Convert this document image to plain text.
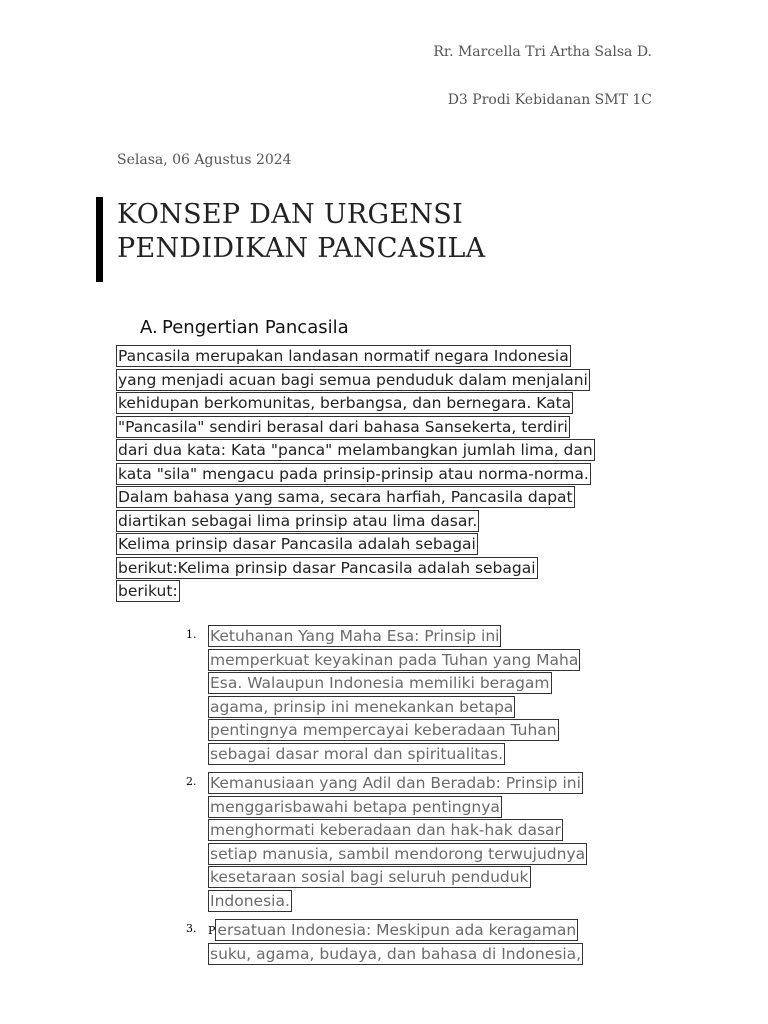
Rr. Marcella Tri Artha Salsa D.
D3 Prodi Kebidanan SMT 1C
Selasa, 06 Agustus 2024
KONSEP DAN URGENSI
PENDIDIKAN PANCASILA
A. Pengertian Pancasila
Pancasila merupakan landasan normatif negara Indonesia
yang menjadi acuan bagi semua penduduk dalam menjalani
kehidupan berkomunitas, berbangsa, dan bernegara. Kata
"Pancasila" sendiri berasal dari bahasa Sansekerta, terdiri
dari dua kata: Kata "panca" melambangkan jumlah lima, dan
kata "sila" mengacu pada prinsip-prinsip atau norma-norma.
Dalam bahasa yang sama, secara harfiah, Pancasila dapat
diartikan sebagai lima prinsip atau lima dasar.
Kelima prinsip dasar Pancasila adalah sebagai
berikut:Kelima prinsip dasar Pancasila adalah sebagai
berikut:
1. Ketuhanan Yang Maha Esa: Prinsip ini
memperkuat keyakinan pada Tuhan yang Maha
Esa. Walaupun Indonesia memiliki beragam
agama, prinsip ini menekankan betapa
pentingnya mempercayai keberadaan Tuhan
sebagai dasar moral dan spiritualitas.
2. Kemanusiaan yang Adil dan Beradab: Prinsip ini
menggarisbawahi betapa pentingnya
menghormati keberadaan dan hak-hak dasar
setiap manusia, sambil mendorong terwujudnya
kesetaraan sosial bagi seluruh penduduk
Indonesia.
3. P ersatuan Indonesia: Meskipun ada keragaman
suku, agama, budaya, dan bahasa di Indonesia,
